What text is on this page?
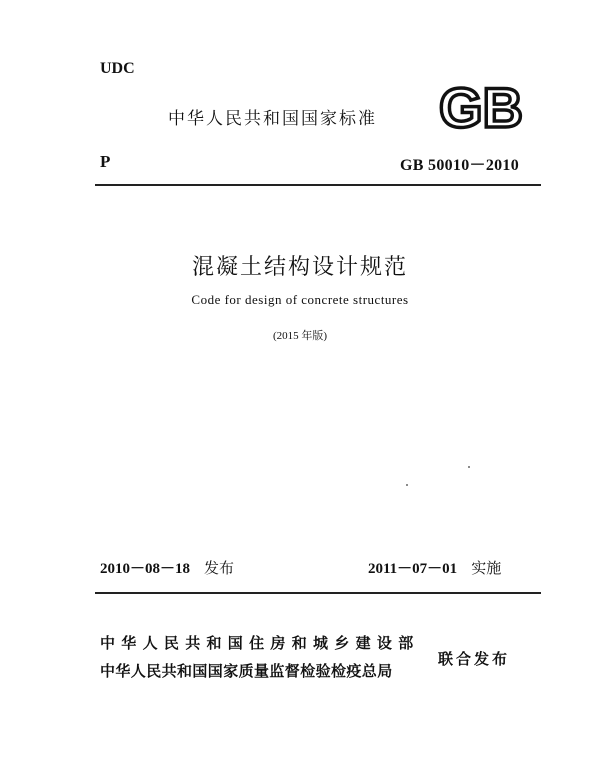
UDC
中华人民共和国国家标准 GB
P	GB 50010－2010
混凝土结构设计规范
Code for design of concrete structures
(2015 年版)
2010－08－18 发布	2011－07－01 实施
中华人民共和国住房和城乡建设部
中华人民共和国国家质量监督检验检疫总局
联合发布
